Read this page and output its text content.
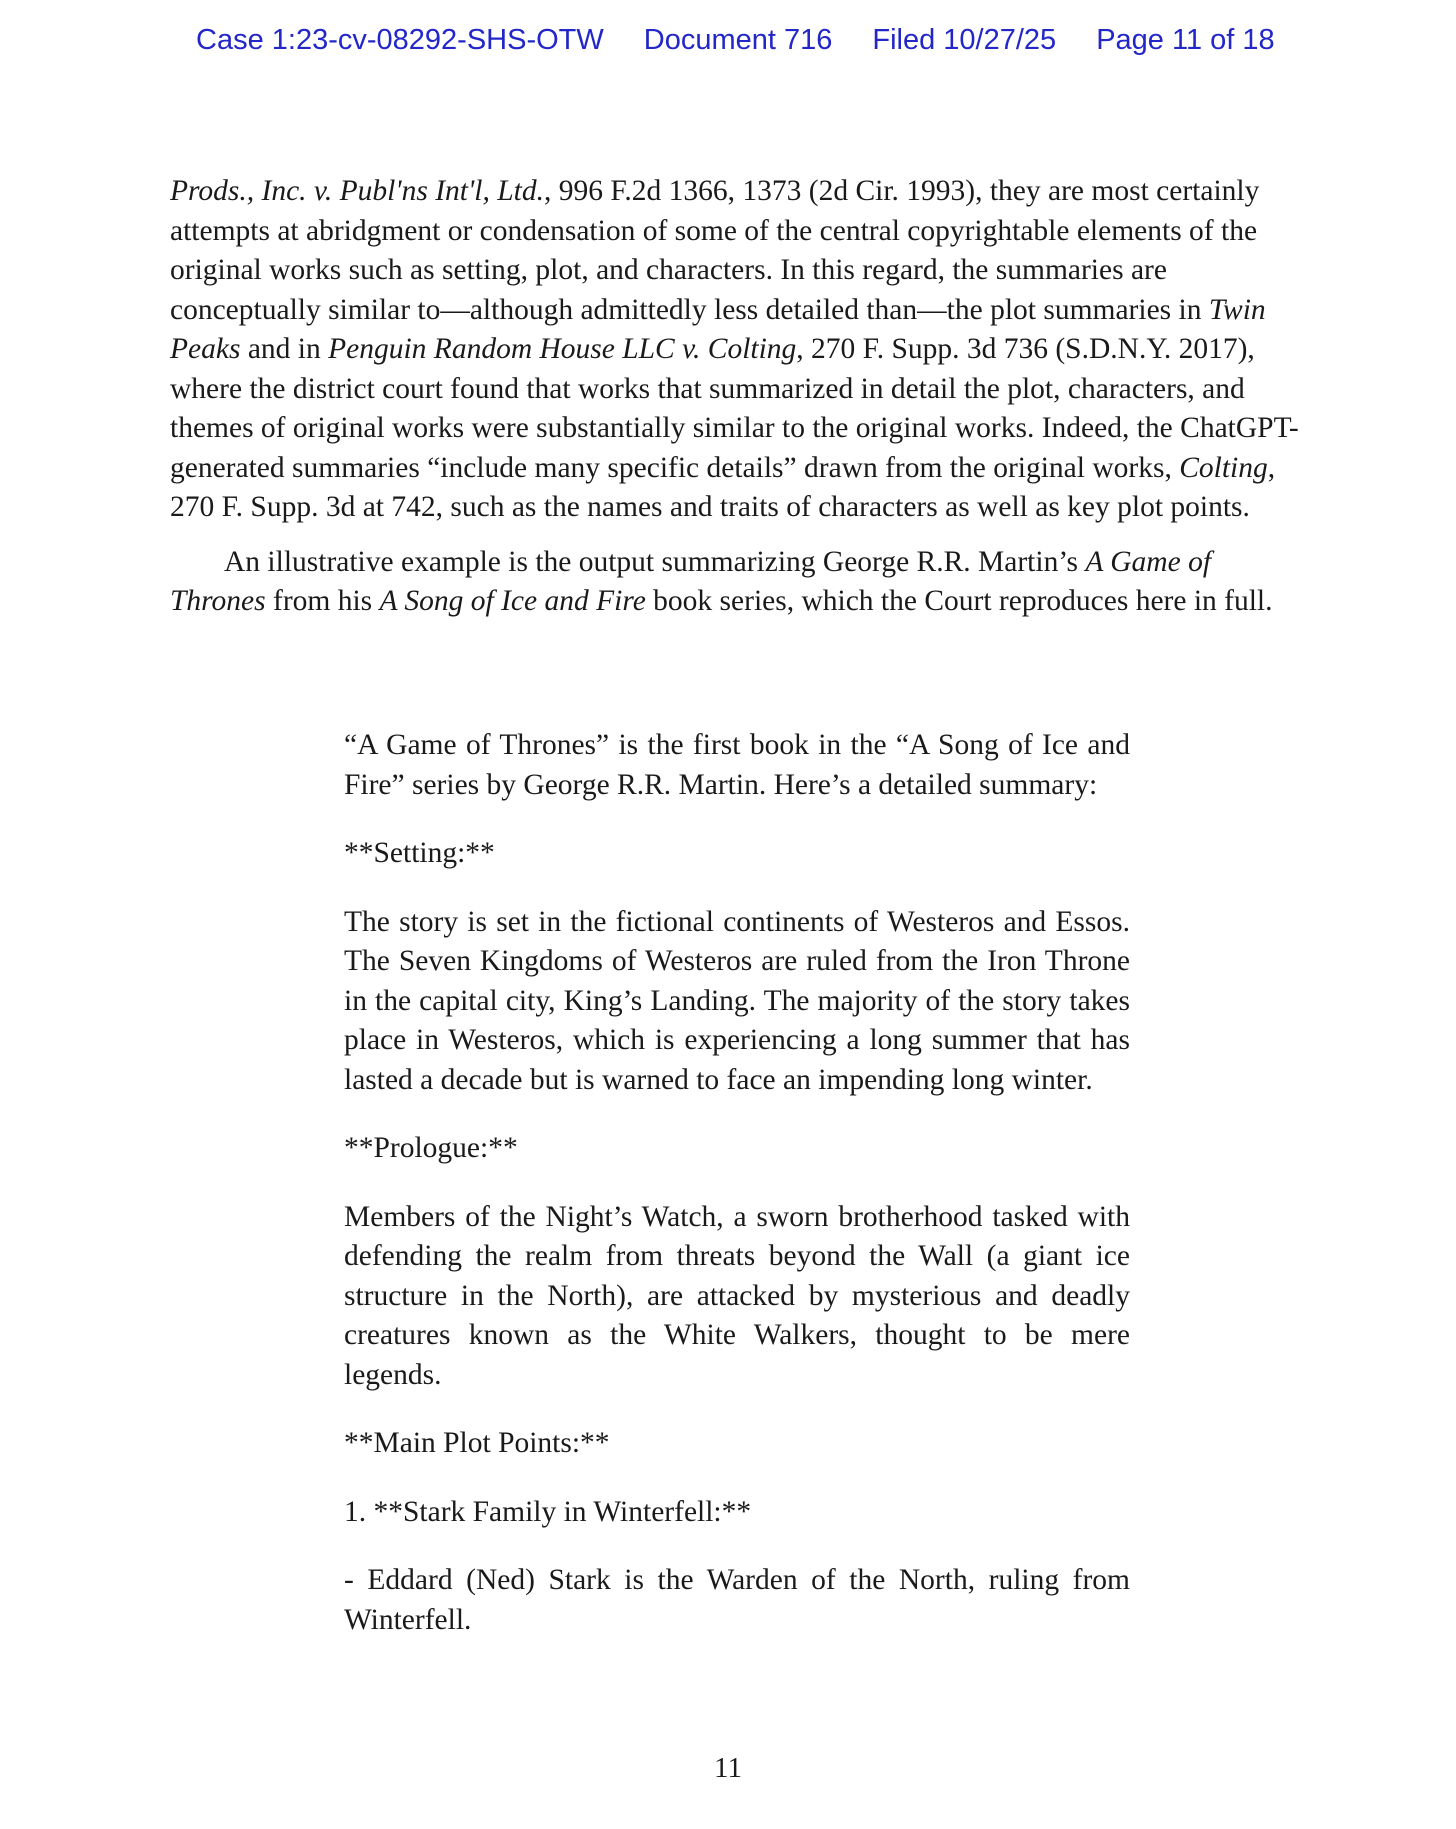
Case 1:23-cv-08292-SHS-OTW Document 716 Filed 10/27/25 Page 11 of 18

Prods., Inc. v. Publ'ns Int'l, Ltd., 996 F.2d 1366, 1373 (2d Cir. 1993), they are most certainly attempts at abridgment or condensation of some of the central copyrightable elements of the original works such as setting, plot, and characters. In this regard, the summaries are conceptually similar to—although admittedly less detailed than—the plot summaries in Twin Peaks and in Penguin Random House LLC v. Colting, 270 F. Supp. 3d 736 (S.D.N.Y. 2017), where the district court found that works that summarized in detail the plot, characters, and themes of original works were substantially similar to the original works. Indeed, the ChatGPT-generated summaries “include many specific details” drawn from the original works, Colting, 270 F. Supp. 3d at 742, such as the names and traits of characters as well as key plot points.

An illustrative example is the output summarizing George R.R. Martin’s A Game of Thrones from his A Song of Ice and Fire book series, which the Court reproduces here in full.

“A Game of Thrones” is the first book in the “A Song of Ice and Fire” series by George R.R. Martin. Here’s a detailed summary:

**Setting:**

The story is set in the fictional continents of Westeros and Essos. The Seven Kingdoms of Westeros are ruled from the Iron Throne in the capital city, King’s Landing. The majority of the story takes place in Westeros, which is experiencing a long summer that has lasted a decade but is warned to face an impending long winter.

**Prologue:**

Members of the Night’s Watch, a sworn brotherhood tasked with defending the realm from threats beyond the Wall (a giant ice structure in the North), are attacked by mysterious and deadly creatures known as the White Walkers, thought to be mere legends.

**Main Plot Points:**

1. **Stark Family in Winterfell:**

- Eddard (Ned) Stark is the Warden of the North, ruling from Winterfell.

11
